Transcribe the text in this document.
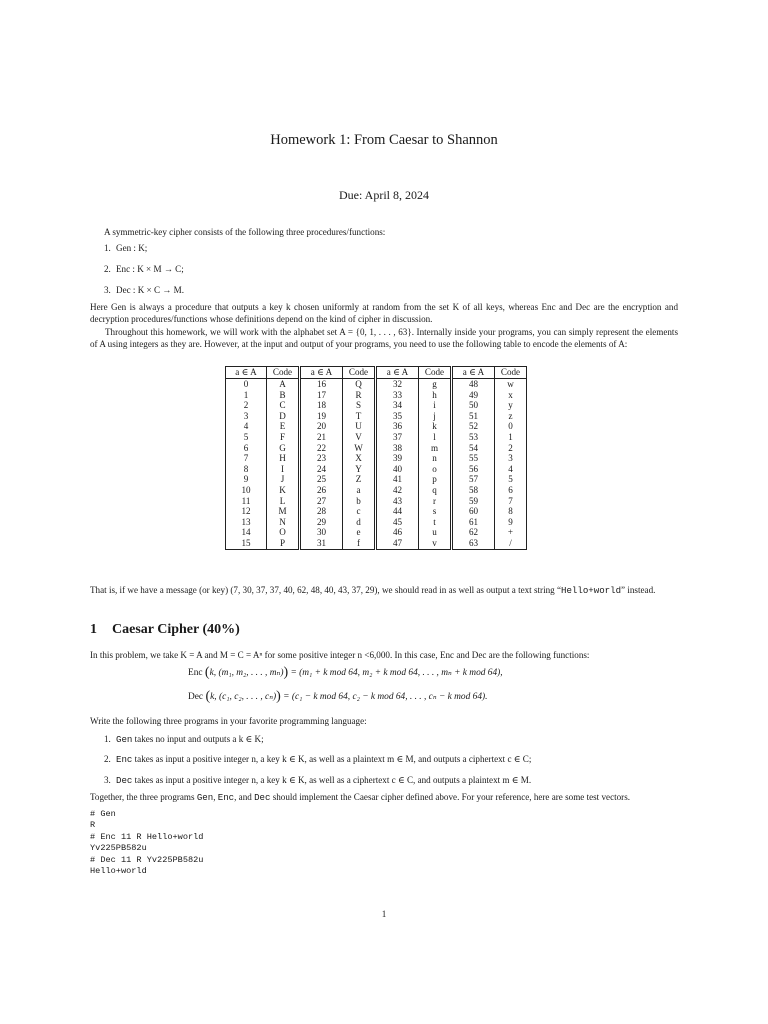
Homework 1: From Caesar to Shannon
Due: April 8, 2024
A symmetric-key cipher consists of the following three procedures/functions:
1. Gen : K;
2. Enc : K × M → C;
3. Dec : K × C → M.
Here Gen is always a procedure that outputs a key k chosen uniformly at random from the set K of all keys, whereas Enc and Dec are the encryption and decryption procedures/functions whose definitions depend on the kind of cipher in discussion.
Throughout this homework, we will work with the alphabet set A = {0, 1, . . . , 63}. Internally inside your programs, you can simply represent the elements of A using integers as they are. However, at the input and output of your programs, you need to use the following table to encode the elements of A:
a ∈ A	Code	a ∈ A	Code	a ∈ A	Code	a ∈ A	Code
0	A	16	Q	32	g	48	w
1	B	17	R	33	h	49	x
2	C	18	S	34	i	50	y
3	D	19	T	35	j	51	z
4	E	20	U	36	k	52	0
5	F	21	V	37	l	53	1
6	G	22	W	38	m	54	2
7	H	23	X	39	n	55	3
8	I	24	Y	40	o	56	4
9	J	25	Z	41	p	57	5
10	K	26	a	42	q	58	6
11	L	27	b	43	r	59	7
12	M	28	c	44	s	60	8
13	N	29	d	45	t	61	9
14	O	30	e	46	u	62	+
15	P	31	f	47	v	63	/
That is, if we have a message (or key) (7, 30, 37, 37, 40, 62, 48, 40, 43, 37, 29), we should read in as well as output a text string “Hello+world” instead.
1 Caesar Cipher (40%)
In this problem, we take K = A and M = C = Aⁿ for some positive integer n <6,000. In this case, Enc and Dec are the following functions:
Enc (k, (m₁, m₂, . . . , mₙ)) = (m₁ + k mod 64, m₂ + k mod 64, . . . , mₙ + k mod 64),
Dec (k, (c₁, c₂, . . . , cₙ)) = (c₁ − k mod 64, c₂ − k mod 64, . . . , cₙ − k mod 64).
Write the following three programs in your favorite programming language:
1. Gen takes no input and outputs a k ∈ K;
2. Enc takes as input a positive integer n, a key k ∈ K, as well as a plaintext m ∈ M, and outputs a ciphertext c ∈ C;
3. Dec takes as input a positive integer n, a key k ∈ K, as well as a ciphertext c ∈ C, and outputs a plaintext m ∈ M.
Together, the three programs Gen, Enc, and Dec should implement the Caesar cipher defined above. For your reference, here are some test vectors.
# Gen
R
# Enc 11 R Hello+world
Yv225PB582u
# Dec 11 R Yv225PB582u
Hello+world
1
